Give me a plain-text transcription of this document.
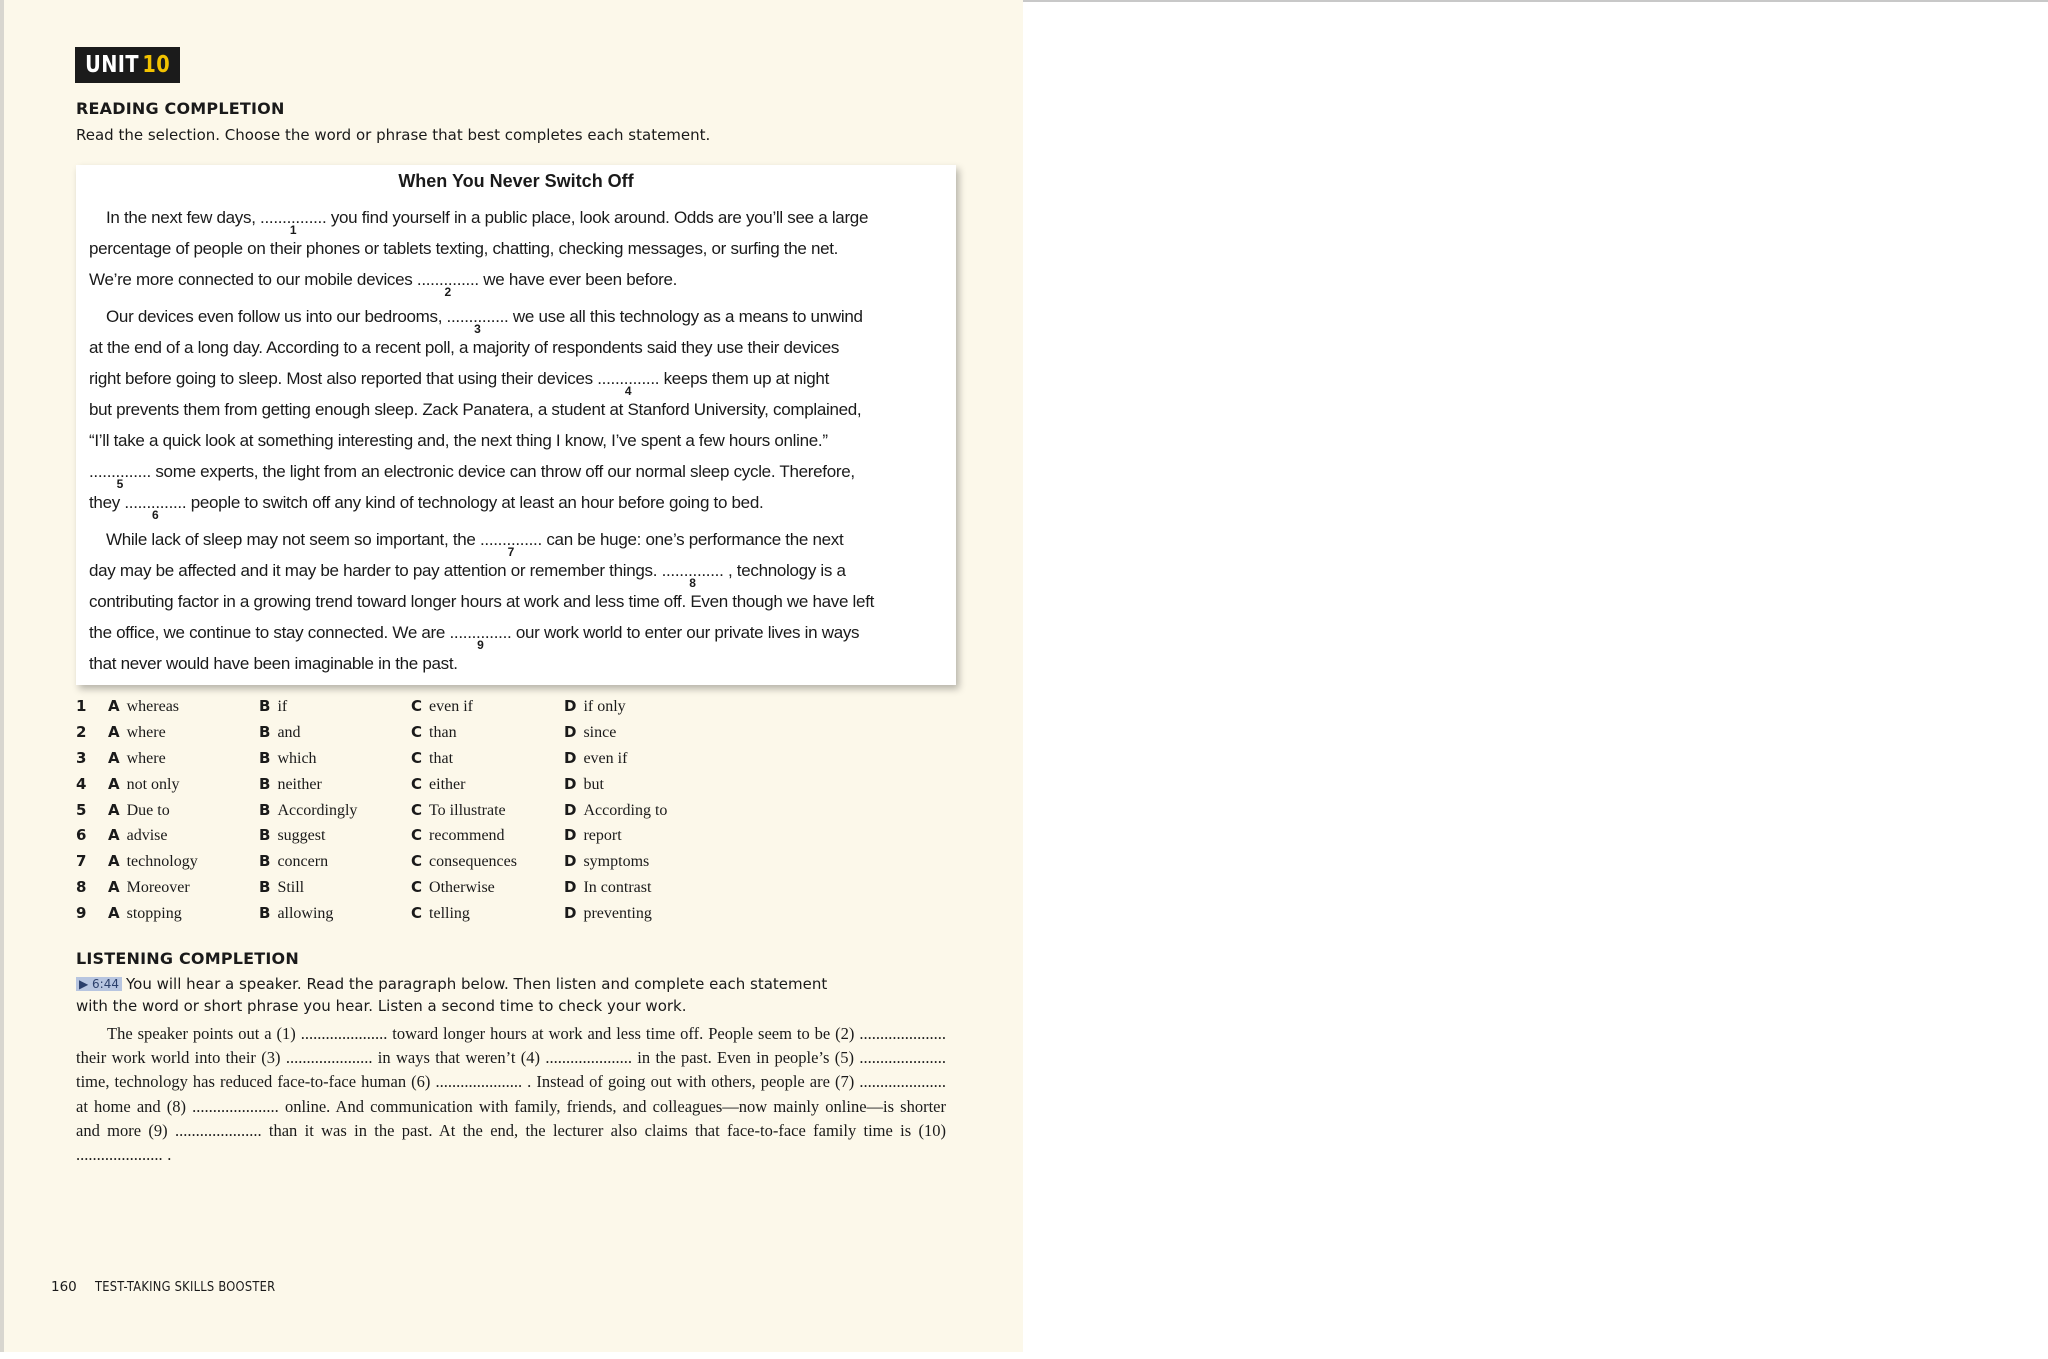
UNIT 10
READING COMPLETION
Read the selection. Choose the word or phrase that best completes each statement.
When You Never Switch Off
In the next few days, ...............
1
you find yourself in a public place, look around. Odds are you’ll see a large
percentage of people on their phones or tablets texting, chatting, checking messages, or surfing the net.
We’re more connected to our mobile devices ..............
2
we have ever been before.
Our devices even follow us into our bedrooms, ..............
3
we use all this technology as a means to unwind
at the end of a long day. According to a recent poll, a majority of respondents said they use their devices
right before going to sleep. Most also reported that using their devices ..............
4
keeps them up at night
but prevents them from getting enough sleep. Zack Panatera, a student at Stanford University, complained,
“I’ll take a quick look at something interesting and, the next thing I know, I’ve spent a few hours online.”
..............
5
some experts, the light from an electronic device can throw off our normal sleep cycle. Therefore,
they ..............
6
people to switch off any kind of technology at least an hour before going to bed.
While lack of sleep may not seem so important, the ..............
7
can be huge: one’s performance the next
day may be affected and it may be harder to pay attention or remember things. ..............
8
, technology is a
contributing factor in a growing trend toward longer hours at work and less time off. Even though we have left
the office, we continue to stay connected. We are ..............
9
our work world to enter our private lives in ways
that never would have been imaginable in the past.
1 A whereas	B if	C even if	D if only
2 A where	B and	C than	D since
3 A where	B which	C that	D even if
4 A not only	B neither	C either	D but
5 A Due to	B Accordingly	C To illustrate	D According to
6 A advise	B suggest	C recommend	D report
7 A technology	B concern	C consequences	D symptoms
8 A Moreover	B Still	C Otherwise	D In contrast
9 A stopping	B allowing	C telling	D preventing
LISTENING COMPLETION
▶ 6:44 You will hear a speaker. Read the paragraph below. Then listen and complete each statement
with the word or short phrase you hear. Listen a second time to check your work.
The speaker points out a (1) ..................... toward longer hours at work and less time off. People seem to be (2) ..................... their work world into their (3) ..................... in ways that weren’t (4) ..................... in the past. Even in people’s (5) ..................... time, technology has reduced face-to-face human (6) ..................... . Instead of going out with others, people are (7) ..................... at home and (8) ..................... online. And communication with family, friends, and colleagues—now mainly online—is shorter and more (9) ..................... than it was in the past. At the end, the lecturer also claims that face-to-face family time is (10) ..................... .
160 TEST-TAKING SKILLS BOOSTER
